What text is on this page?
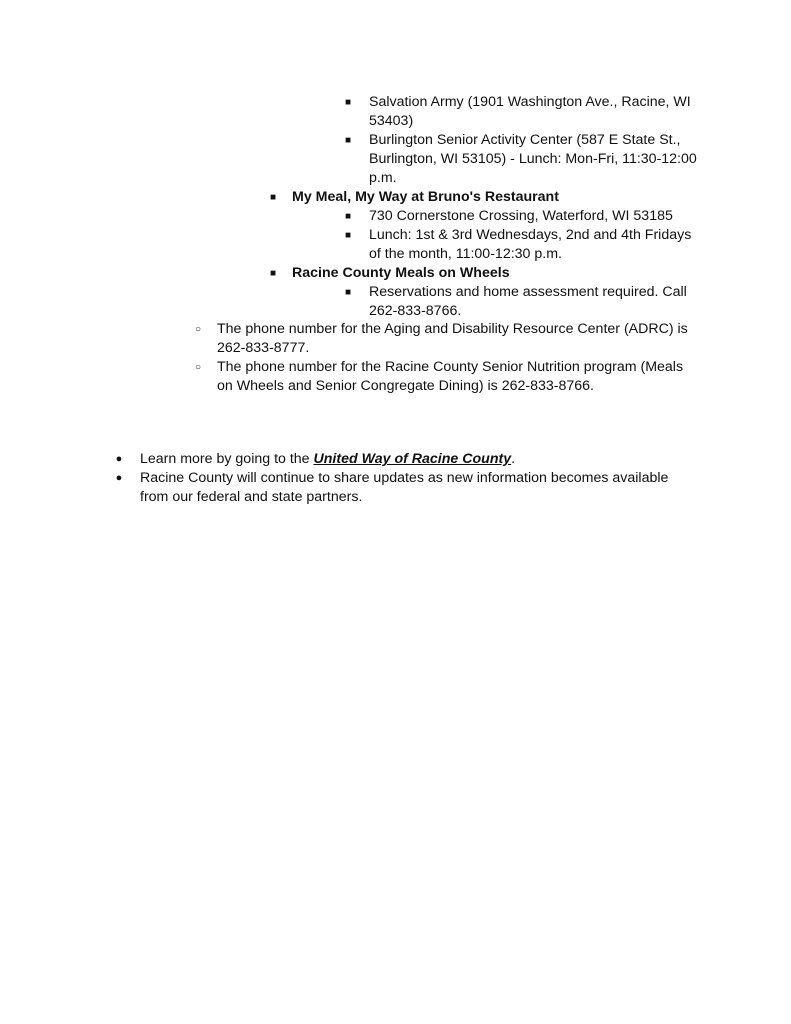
■ Salvation Army (1901 Washington Ave., Racine, WI
53403)
■ Burlington Senior Activity Center (587 E State St.,
Burlington, WI 53105) - Lunch: Mon-Fri, 11:30-12:00
p.m.
■ My Meal, My Way at Bruno's Restaurant
■ 730 Cornerstone Crossing, Waterford, WI 53185
■ Lunch: 1st & 3rd Wednesdays, 2nd and 4th Fridays
of the month, 11:00-12:30 p.m.
■ Racine County Meals on Wheels
■ Reservations and home assessment required. Call
262-833-8766.
○ The phone number for the Aging and Disability Resource Center (ADRC) is
262-833-8777.
○ The phone number for the Racine County Senior Nutrition program (Meals
on Wheels and Senior Congregate Dining) is 262-833-8766.
● Learn more by going to the United Way of Racine County.
● Racine County will continue to share updates as new information becomes available
from our federal and state partners.
